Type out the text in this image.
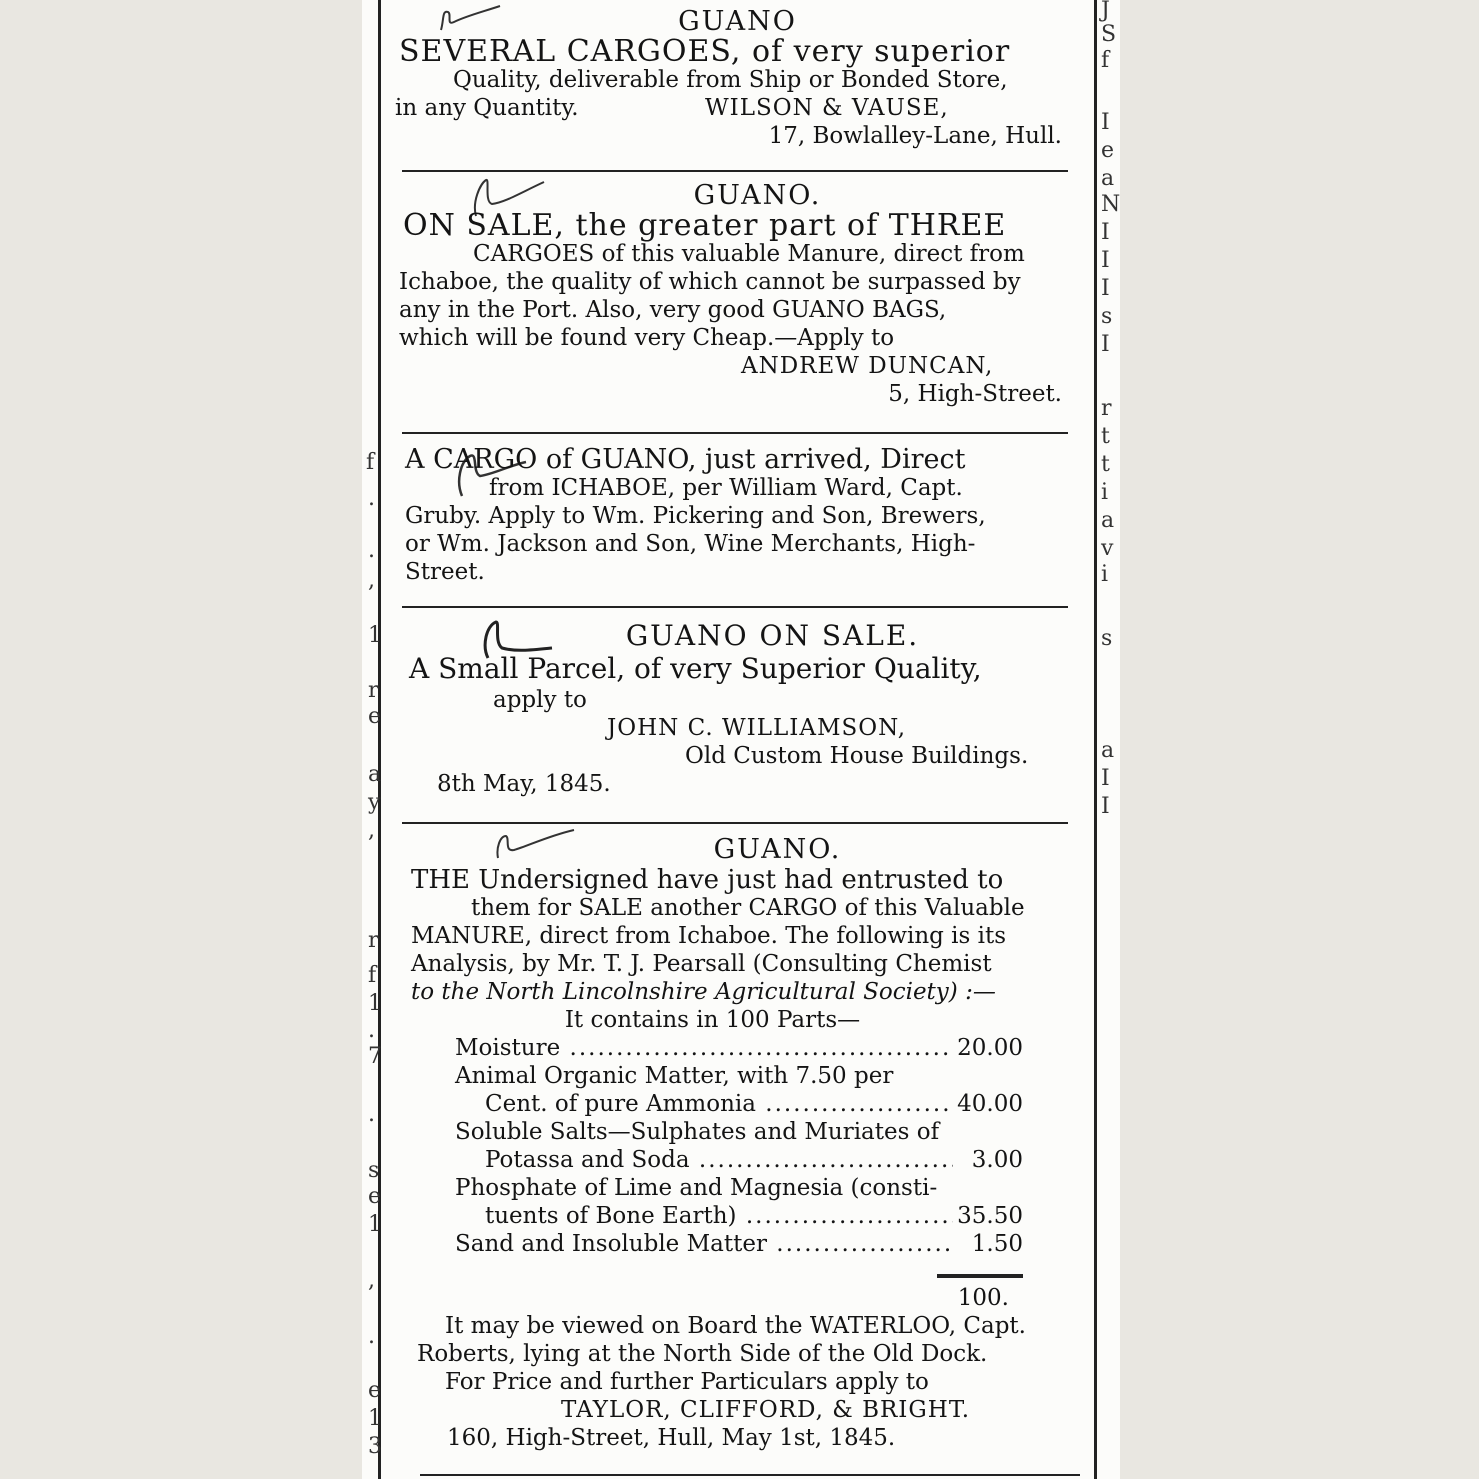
f
.
.
,
1
r
e
a
y
,
r
f
1
.
7
.
s
e
1
,
.
e
1
3
J
S
f
I
e
a
N
I
I
I
s
I
r
t
t
i
a
v
i
s
a
I
I
GUANO
SEVERAL CARGOES, of very superior
Quality, deliverable from Ship or Bonded Store,
in any Quantity.	WILSON & VAUSE,
17, Bowlalley-Lane, Hull.
GUANO.
ON SALE, the greater part of THREE
CARGOES of this valuable Manure, direct from
Ichaboe, the quality of which cannot be surpassed by
any in the Port. Also, very good GUANO BAGS,
which will be found very Cheap.—Apply to
ANDREW DUNCAN,
5, High-Street.
A CARGO of GUANO, just arrived, Direct
from ICHABOE, per William Ward, Capt.
Gruby. Apply to Wm. Pickering and Son, Brewers,
or Wm. Jackson and Son, Wine Merchants, High-
Street.
GUANO ON SALE.
A Small Parcel, of very Superior Quality,
apply to
JOHN C. WILLIAMSON,
Old Custom House Buildings.
8th May, 1845.
GUANO.
THE Undersigned have just had entrusted to
them for SALE another CARGO of this Valuable
MANURE, direct from Ichaboe. The following is its
Analysis, by Mr. T. J. Pearsall (Consulting Chemist
to the North Lincolnshire Agricultural Society) :—
It contains in 100 Parts—
Moisture .....	20.00
Animal Organic Matter, with 7.50 per
Cent. of pure Ammonia .....	40.00
Soluble Salts—Sulphates and Muriates of
Potassa and Soda .....	3.00
Phosphate of Lime and Magnesia (consti-
tuents of Bone Earth) .....	35.50
Sand and Insoluble Matter .....	1.50
100.
It may be viewed on Board the WATERLOO, Capt.
Roberts, lying at the North Side of the Old Dock.
For Price and further Particulars apply to
TAYLOR, CLIFFORD, & BRIGHT.
160, High-Street, Hull, May 1st, 1845.
